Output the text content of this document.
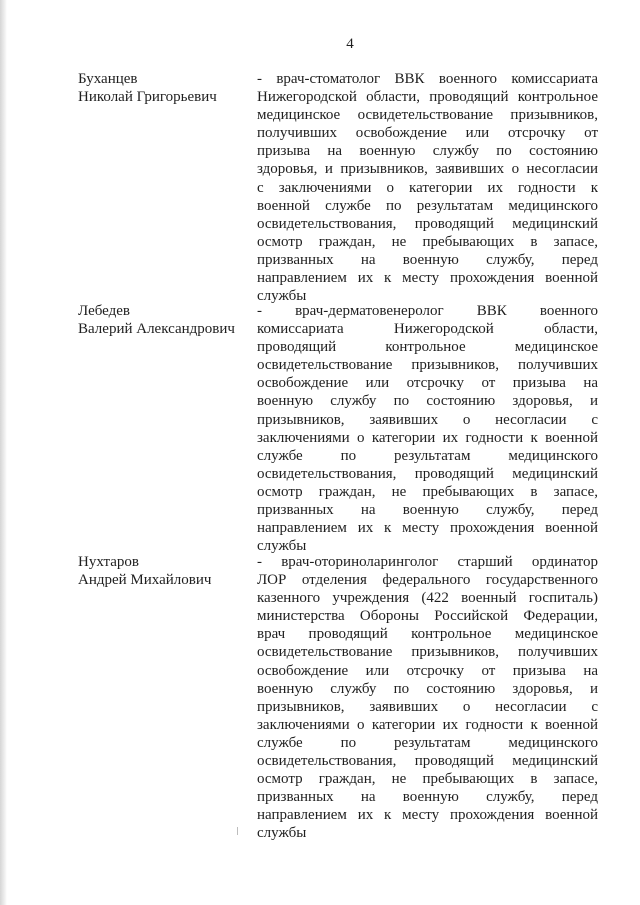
4
Буханцев
Николай Григорьевич
- врач-стоматолог ВВК военного комиссариата
Нижегородской области, проводящий контрольное
медицинское освидетельствование призывников,
получивших освобождение или отсрочку от
призыва на военную службу по состоянию
здоровья, и призывников, заявивших о несогласии
с заключениями о категории их годности к
военной службе по результатам медицинского
освидетельствования, проводящий медицинский
осмотр граждан, не пребывающих в запасе,
призванных на военную службу, перед
направлением их к месту прохождения военной
службы
Лебедев
Валерий Александрович
- врач-дерматовенеролог ВВК военного
комиссариата Нижегородской области,
проводящий контрольное медицинское
освидетельствование призывников, получивших
освобождение или отсрочку от призыва на
военную службу по состоянию здоровья, и
призывников, заявивших о несогласии с
заключениями о категории их годности к военной
службе по результатам медицинского
освидетельствования, проводящий медицинский
осмотр граждан, не пребывающих в запасе,
призванных на военную службу, перед
направлением их к месту прохождения военной
службы
Нухтаров
Андрей Михайлович
- врач-оториноларинголог старший ординатор
ЛОР отделения федерального государственного
казенного учреждения (422 военный госпиталь)
министерства Обороны Российской Федерации,
врач проводящий контрольное медицинское
освидетельствование призывников, получивших
освобождение или отсрочку от призыва на
военную службу по состоянию здоровья, и
призывников, заявивших о несогласии с
заключениями о категории их годности к военной
службе по результатам медицинского
освидетельствования, проводящий медицинский
осмотр граждан, не пребывающих в запасе,
призванных на военную службу, перед
направлением их к месту прохождения военной
службы
